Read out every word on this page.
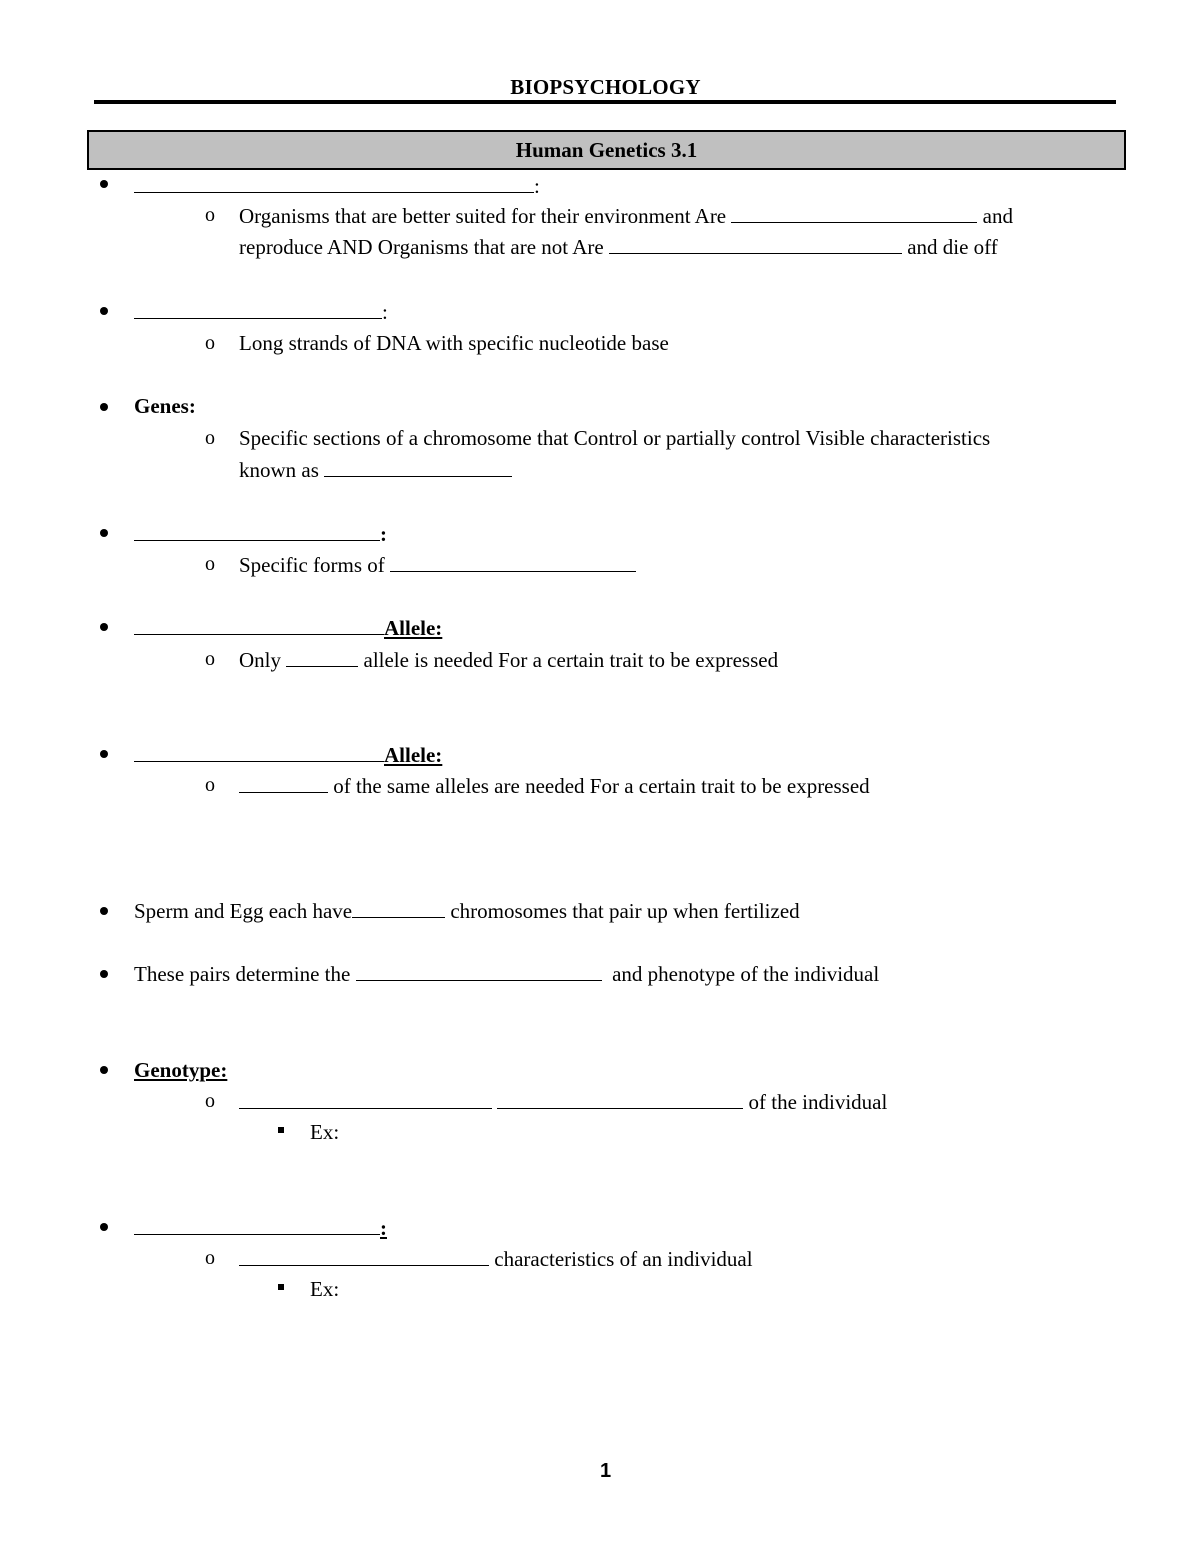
BIOPSYCHOLOGY
Human Genetics 3.1
:
o Organisms that are better suited for their environment Are	and
reproduce AND Organisms that are not Are	and die off
:
o Long strands of DNA with specific nucleotide base
Genes:
o Specific sections of a chromosome that Control or partially control Visible characteristics
known as
:
o Specific forms of
Allele:
o Only	allele is needed For a certain trait to be expressed
Allele:
o	of the same alleles are needed For a certain trait to be expressed
Sperm and Egg each have	chromosomes that pair up when fertilized
These pairs determine the	and phenotype of the individual
Genotype:
o	of the individual
Ex:
:
o	characteristics of an individual
Ex:
1
